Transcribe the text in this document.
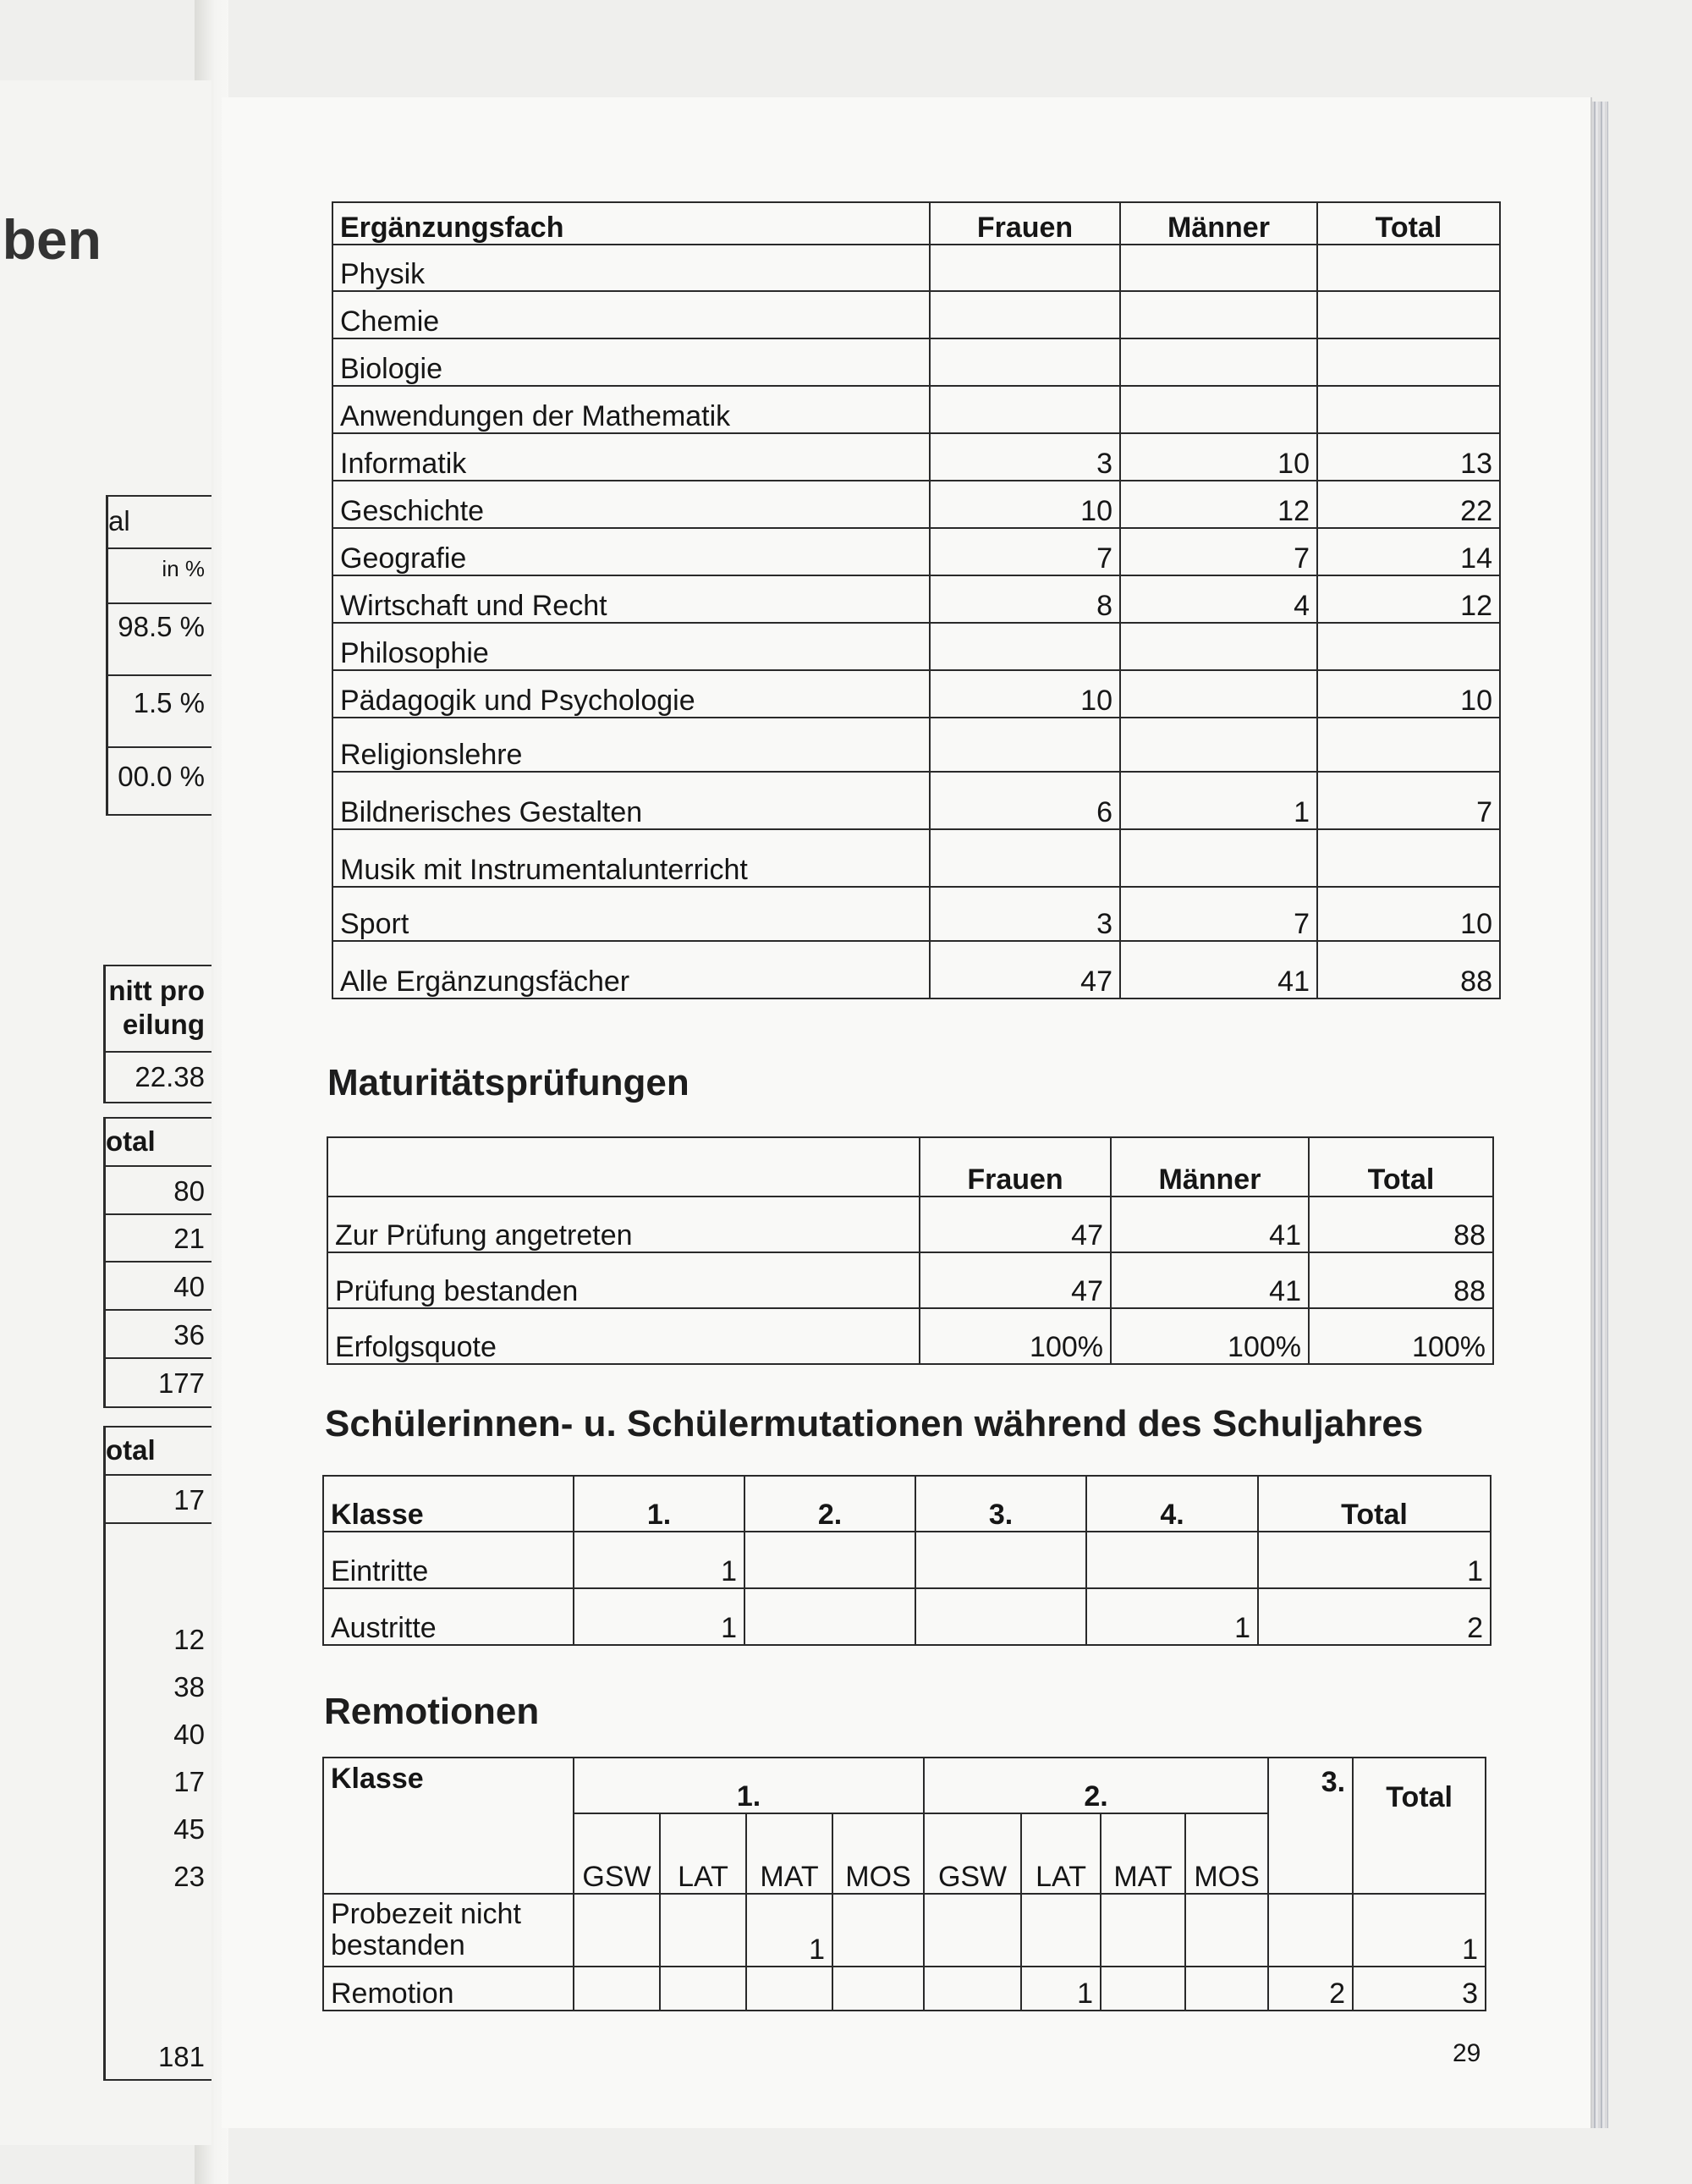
ben
al
in %
98.5 %
1.5 %
00.0 %
nitt pro
eilung
22.38
otal
80
21
40
36
177
otal
17
12
38
40
17
45
23
181
Ergänzungsfach	Frauen	Männer	Total
Physik			
Chemie			
Biologie			
Anwendungen der Mathematik			
Informatik	3	10	13
Geschichte	10	12	22
Geografie	7	7	14
Wirtschaft und Recht	8	4	12
Philosophie			
Pädagogik und Psychologie	10		10
Religionslehre			
Bildnerisches Gestalten	6	1	7
Musik mit Instrumentalunterricht			
Sport	3	7	10
Alle Ergänzungsfächer	47	41	88
Maturitätsprüfungen
	Frauen	Männer	Total
Zur Prüfung angetreten	47	41	88
Prüfung bestanden	47	41	88
Erfolgsquote	100%	100%	100%
Schülerinnen- u. Schülermutationen während des Schuljahres
Klasse	1.	2.	3.	4.	Total
Eintritte	1				1
Austritte	1			1	2
Remotionen
Klasse	1.				2.				3.	Total
	GSW	LAT	MAT	MOS	GSW	LAT	MAT	MOS		
Probezeit nicht bestanden			1							1
Remotion						1			2	3
29
